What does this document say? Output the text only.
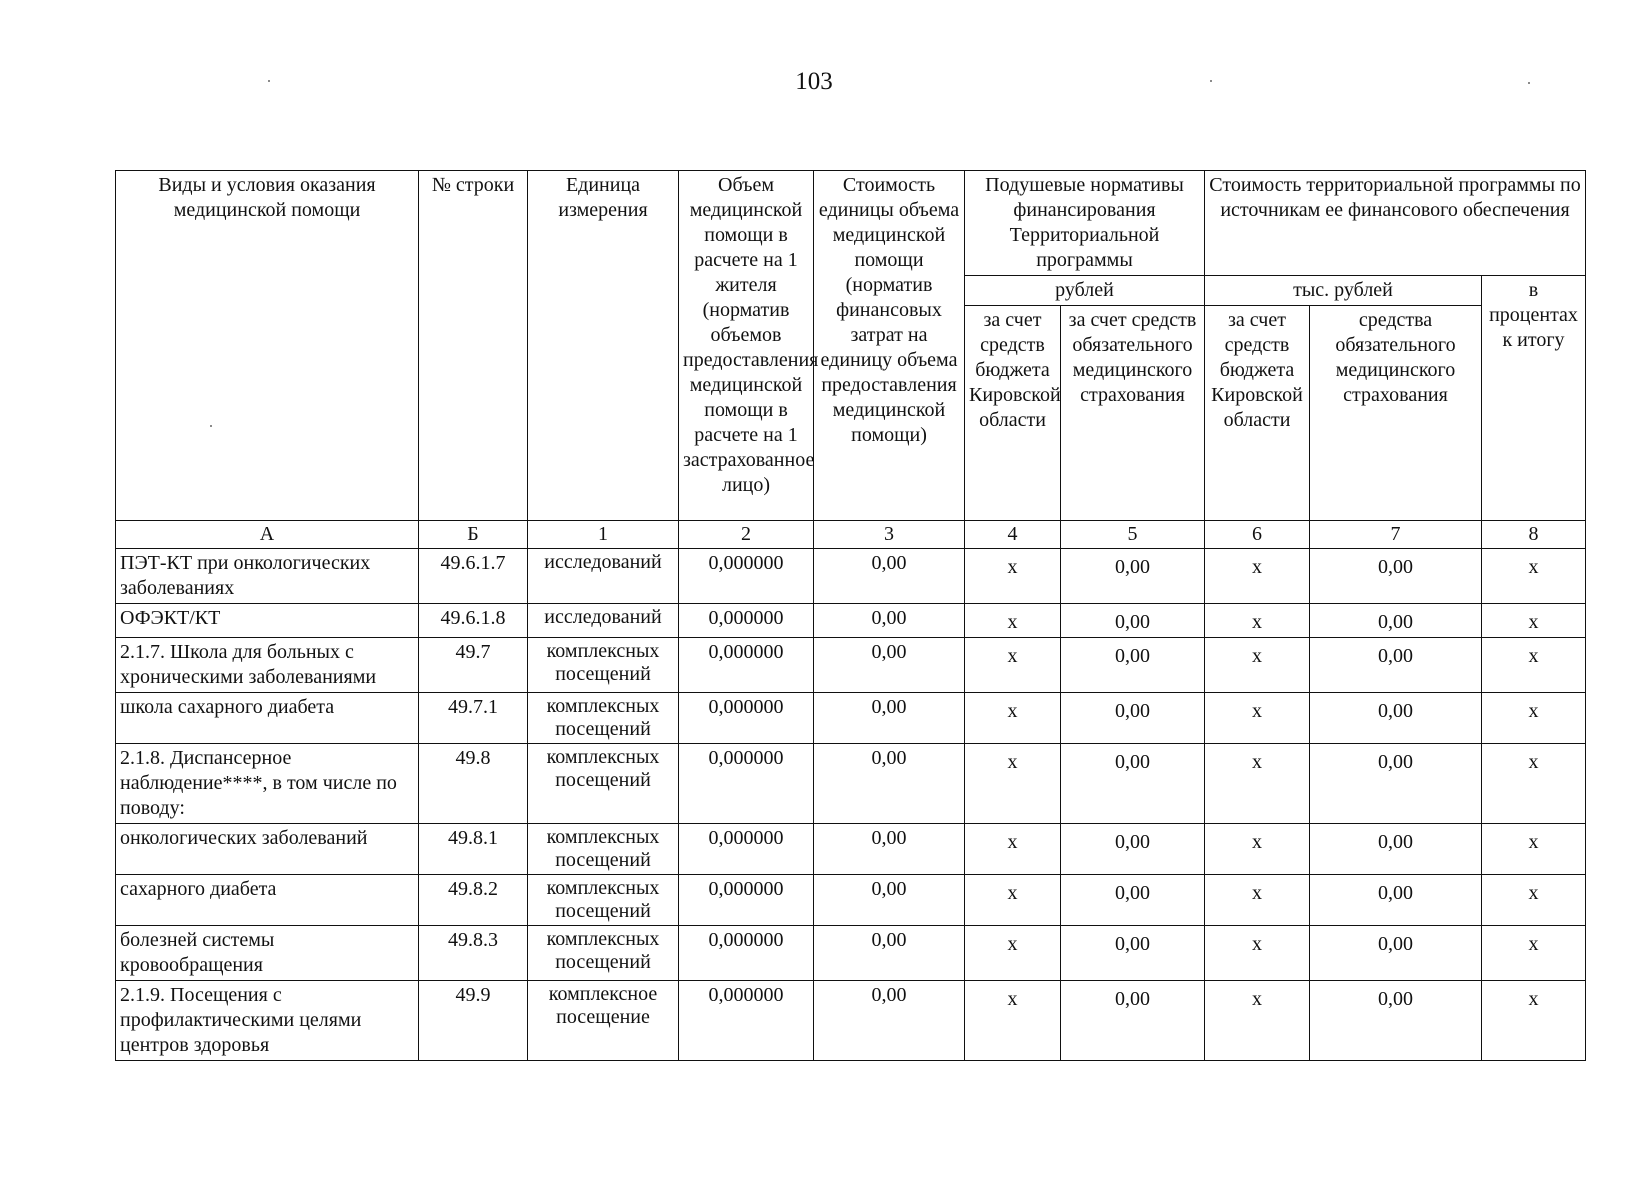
103
Виды и условия оказания медицинской помощи	№ строки	Единица измерения	Объем медицинской помощи в расчете на 1 жителя (норматив объемов предоставления медицинской помощи в расчете на 1 застрахованное лицо)	Стоимость единицы объема медицинской помощи (норматив финансовых затрат на единицу объема предоставления медицинской помощи)	Подушевые нормативы финансирования Территориальной программы		Стоимость территориальной программы по источникам ее финансового обеспечения		
					рублей		тыс. рублей		в процентах к итогу
					за счет средств бюджета Кировской области	за счет средств обязательного медицинского страхования	за счет средств бюджета Кировской области	средства обязательного медицинского страхования	
А	Б	1	2	3	4	5	6	7	8
ПЭТ-КТ при онкологических заболеваниях	49.6.1.7	исследований	0,000000	0,00	x	0,00	x	0,00	x
ОФЭКТ/КТ	49.6.1.8	исследований	0,000000	0,00	x	0,00	x	0,00	x
2.1.7. Школа для больных с хроническими заболеваниями	49.7	комплексных посещений	0,000000	0,00	x	0,00	x	0,00	x
школа сахарного диабета	49.7.1	комплексных посещений	0,000000	0,00	x	0,00	x	0,00	x
2.1.8. Диспансерное наблюдение****, в том числе по поводу:	49.8	комплексных посещений	0,000000	0,00	x	0,00	x	0,00	x
онкологических заболеваний	49.8.1	комплексных посещений	0,000000	0,00	x	0,00	x	0,00	x
сахарного диабета	49.8.2	комплексных посещений	0,000000	0,00	x	0,00	x	0,00	x
болезней системы кровообращения	49.8.3	комплексных посещений	0,000000	0,00	x	0,00	x	0,00	x
2.1.9. Посещения с профилактическими целями центров здоровья	49.9	комплексное посещение	0,000000	0,00	x	0,00	x	0,00	x
